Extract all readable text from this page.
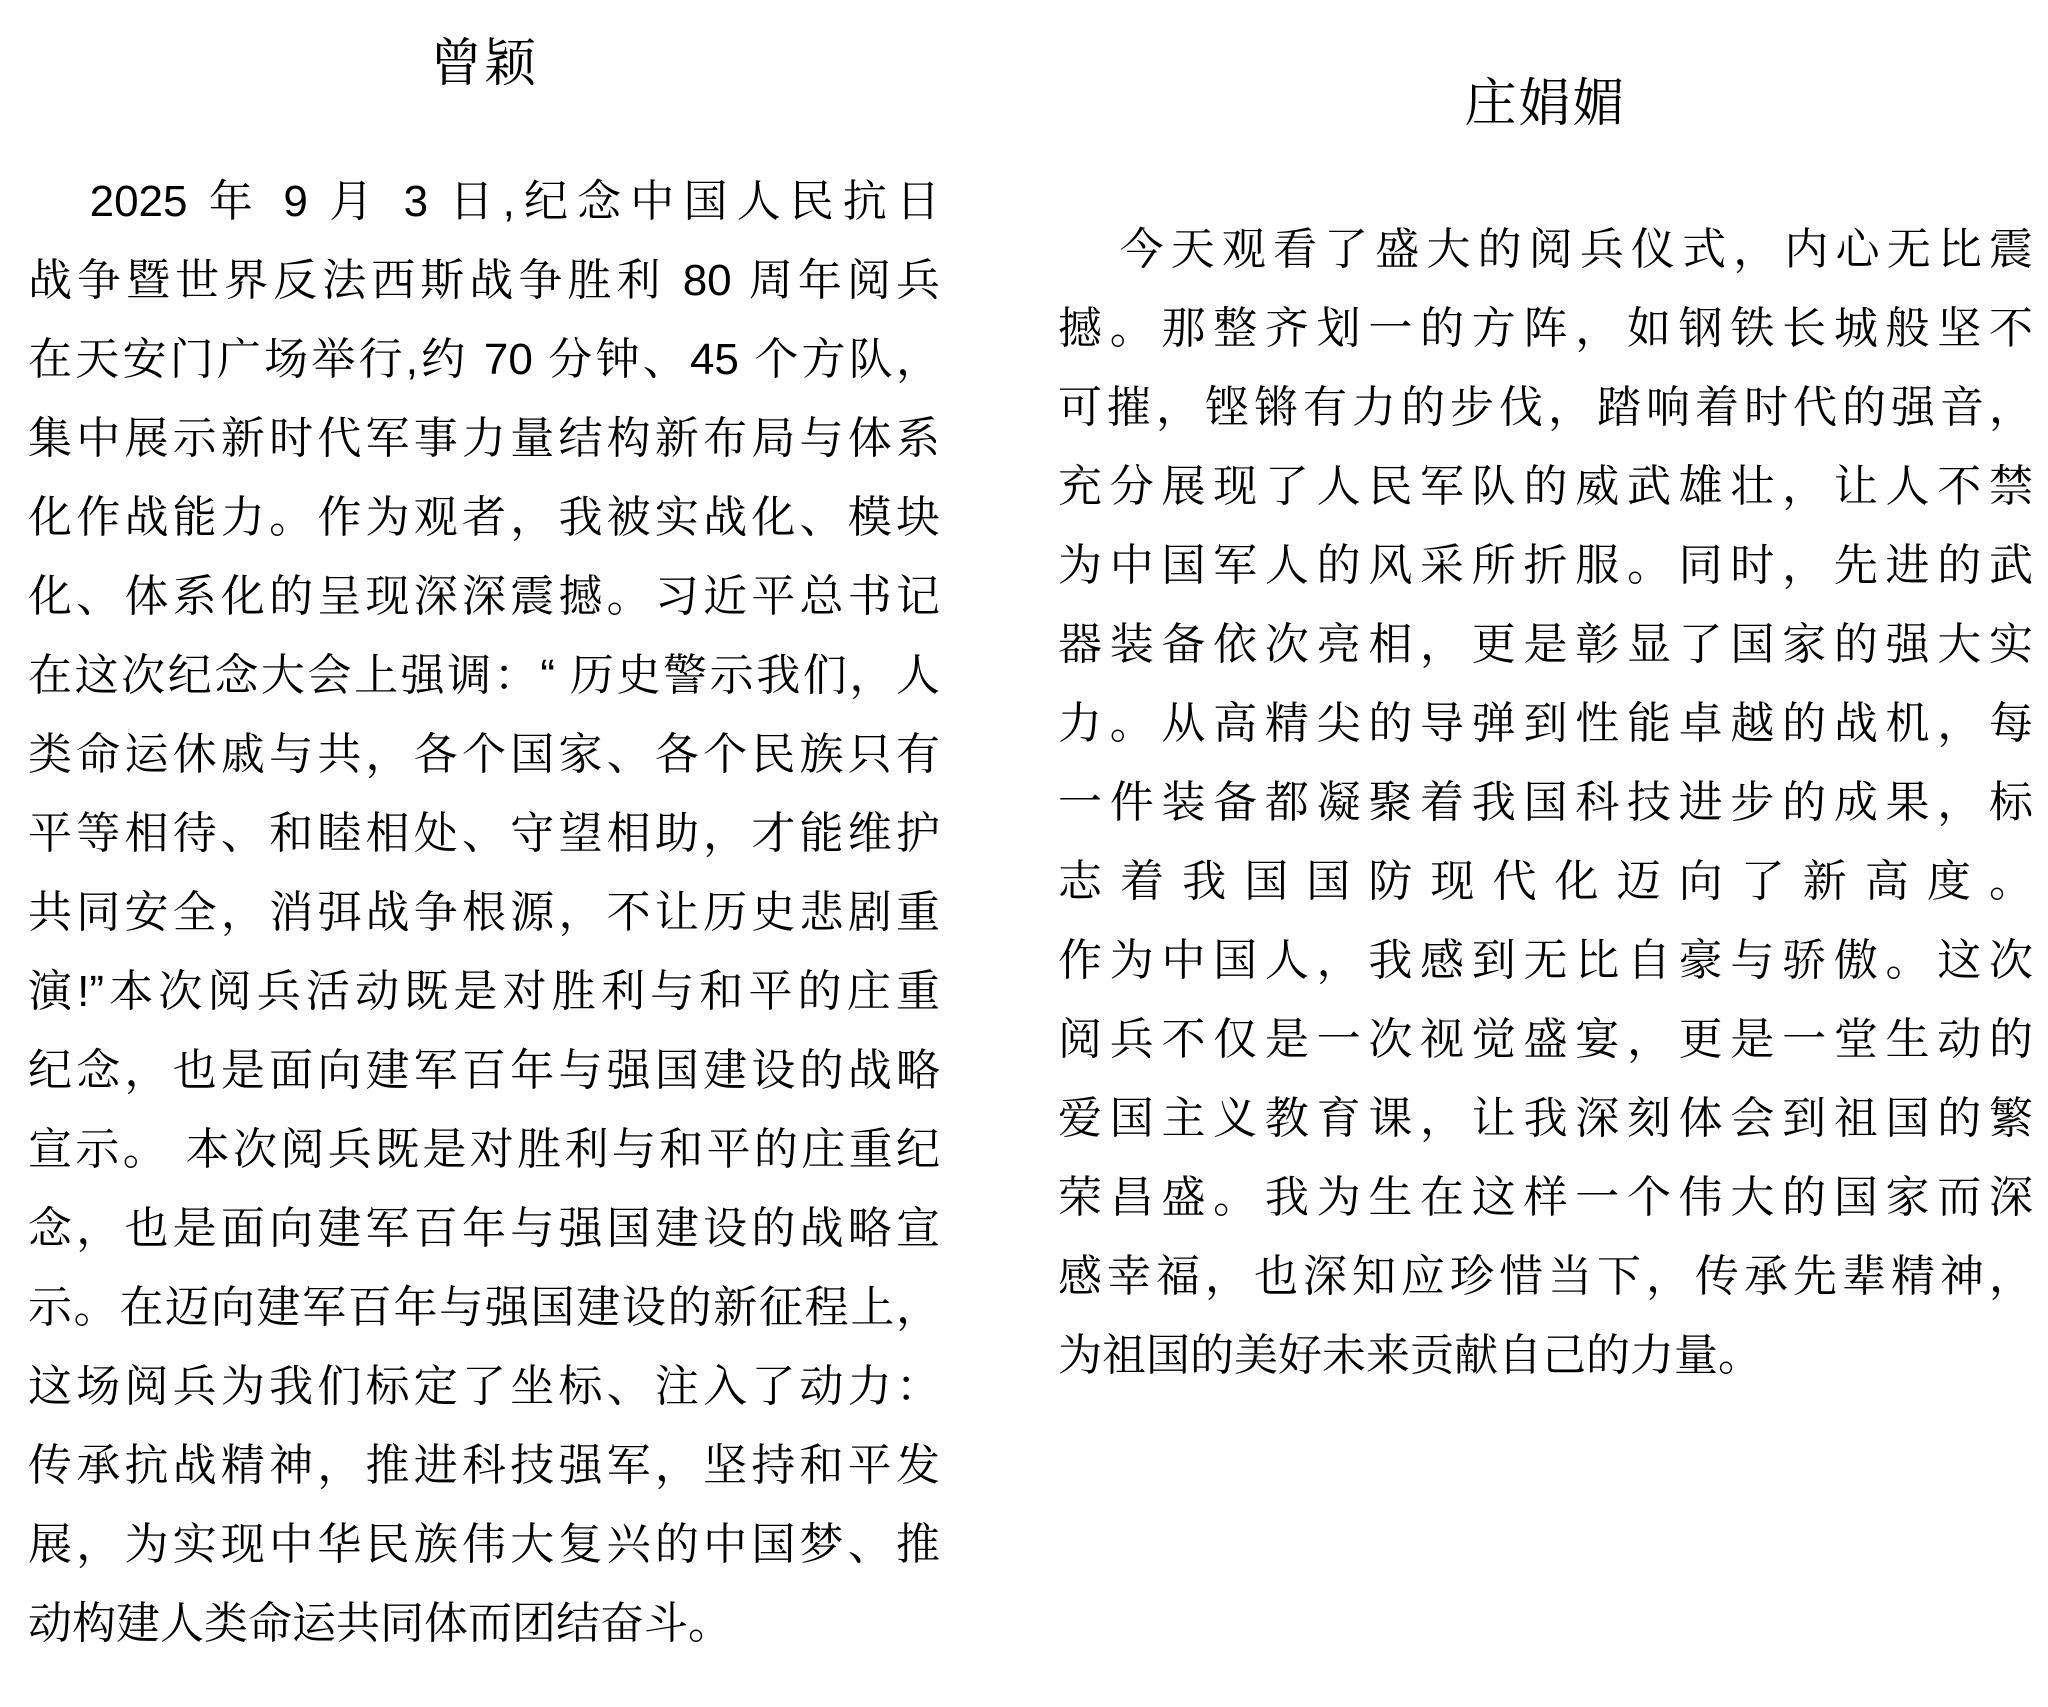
曾颖
2025 年 9 月 3 日,纪念中国人民抗日
战争暨世界反法西斯战争胜利 80 周年阅兵
在天安门广场举行,约 70 分钟、45 个方队，
集中展示新时代军事力量结构新布局与体系
化作战能力。作为观者，我被实战化、模块
化、体系化的呈现深深震撼。习近平总书记
在这次纪念大会上强调：“ 历史警示我们，人
类命运休戚与共，各个国家、各个民族只有
平等相待、和睦相处、守望相助，才能维护
共同安全，消弭战争根源，不让历史悲剧重
演!”本次阅兵活动既是对胜利与和平的庄重
纪念，也是面向建军百年与强国建设的战略
宣示。 本次阅兵既是对胜利与和平的庄重纪
念，也是面向建军百年与强国建设的战略宣
示。在迈向建军百年与强国建设的新征程上，
这场阅兵为我们标定了坐标、注入了动力：
传承抗战精神，推进科技强军，坚持和平发
展，为实现中华民族伟大复兴的中国梦、推
动构建人类命运共同体而团结奋斗。
庄娟媚
今天观看了盛大的阅兵仪式，内心无比震
撼。那整齐划一的方阵，如钢铁长城般坚不
可摧，铿锵有力的步伐，踏响着时代的强音，
充分展现了人民军队的威武雄壮，让人不禁
为中国军人的风采所折服。同时，先进的武
器装备依次亮相，更是彰显了国家的强大实
力。从高精尖的导弹到性能卓越的战机，每
一件装备都凝聚着我国科技进步的成果，标
志着我国国防现代化迈向了新高度。
作为中国人，我感到无比自豪与骄傲。这次
阅兵不仅是一次视觉盛宴，更是一堂生动的
爱国主义教育课，让我深刻体会到祖国的繁
荣昌盛。我为生在这样一个伟大的国家而深
感幸福，也深知应珍惜当下，传承先辈精神，
为祖国的美好未来贡献自己的力量。
